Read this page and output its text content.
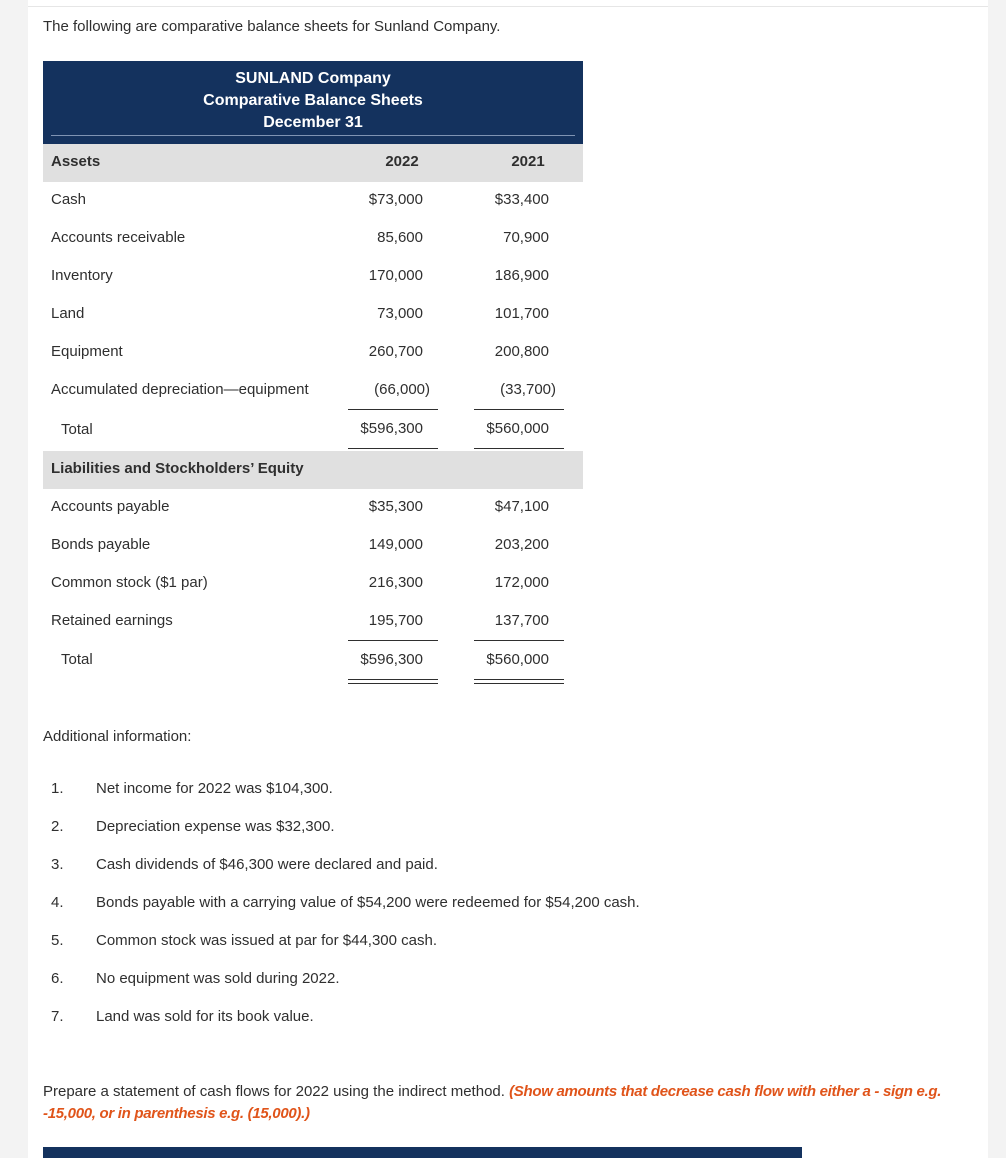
The following are comparative balance sheets for Sunland Company.
SUNLAND Company
Comparative Balance Sheets
December 31
Assets	2022	2021
Cash	$73,000	$33,400
Accounts receivable	85,600	70,900
Inventory	170,000	186,900
Land	73,000	101,700
Equipment	260,700	200,800
Accumulated depreciation—equipment	(66,000)	(33,700)
Total	$596,300	$560,000
Liabilities and Stockholders’ Equity
Accounts payable	$35,300	$47,100
Bonds payable	149,000	203,200
Common stock ($1 par)	216,300	172,000
Retained earnings	195,700	137,700
Total	$596,300	$560,000
Additional information:
1. Net income for 2022 was $104,300.
2. Depreciation expense was $32,300.
3. Cash dividends of $46,300 were declared and paid.
4. Bonds payable with a carrying value of $54,200 were redeemed for $54,200 cash.
5. Common stock was issued at par for $44,300 cash.
6. No equipment was sold during 2022.
7. Land was sold for its book value.
Prepare a statement of cash flows for 2022 using the indirect method. (Show amounts that decrease cash flow with either a - sign e.g. -15,000, or in parenthesis e.g. (15,000).)
